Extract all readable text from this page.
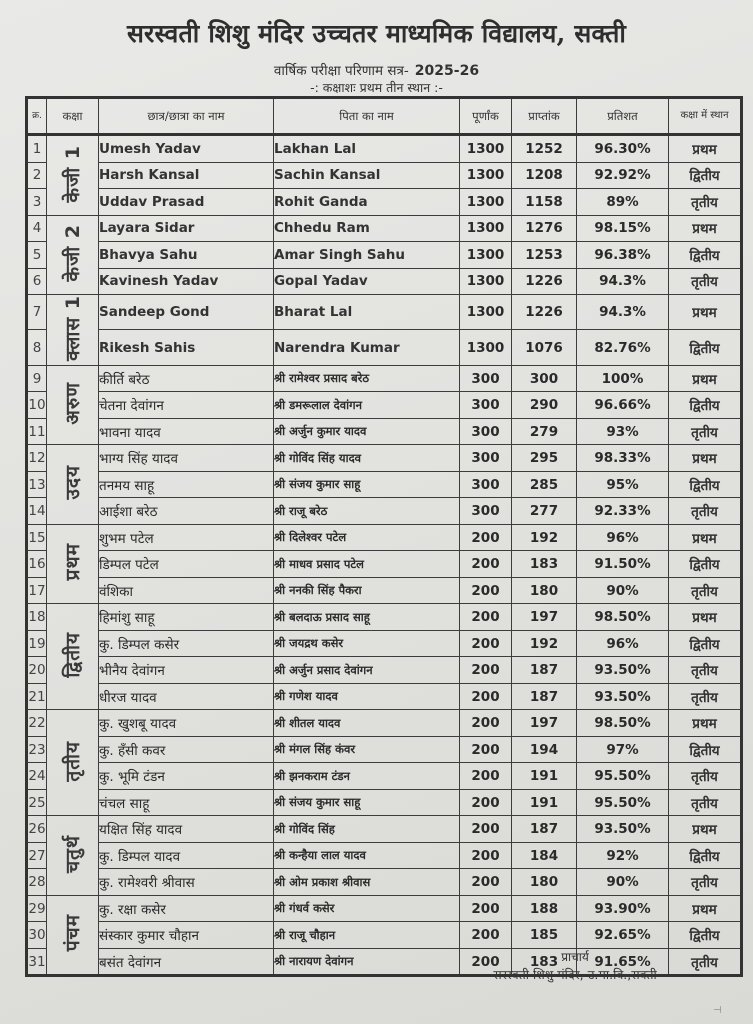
सरस्वती शिशु मंदिर उच्चतर माध्यमिक विद्यालय, सक्ती
वार्षिक परीक्षा परिणाम सत्र- 2025-26
-: कक्षाशः प्रथम तीन स्थान :-
क्र.	कक्षा	छात्र/छात्रा का नाम	पिता का नाम	पूर्णांक	प्राप्तांक	प्रतिशत	कक्षा में स्थान
1	केजी 1	Umesh Yadav	Lakhan Lal	1300	1252	96.30%	प्रथम
2		Harsh Kansal	Sachin Kansal	1300	1208	92.92%	द्वितीय
3		Uddav Prasad	Rohit Ganda	1300	1158	89%	तृतीय
4	केजी 2	Layara Sidar	Chhedu Ram	1300	1276	98.15%	प्रथम
5		Bhavya Sahu	Amar Singh Sahu	1300	1253	96.38%	द्वितीय
6		Kavinesh Yadav	Gopal Yadav	1300	1226	94.3%	तृतीय
7	क्लास 1	Sandeep Gond	Bharat Lal	1300	1226	94.3%	प्रथम
8		Rikesh Sahis	Narendra Kumar	1300	1076	82.76%	द्वितीय
9	अरुण	कीर्ति बरेठ	श्री रामेश्वर प्रसाद बरेठ	300	300	100%	प्रथम
10		चेतना देवांगन	श्री डमरूलाल देवांगन	300	290	96.66%	द्वितीय
11		भावना यादव	श्री अर्जुन कुमार यादव	300	279	93%	तृतीय
12	उदय	भाग्य सिंह यादव	श्री गोविंद सिंह यादव	300	295	98.33%	प्रथम
13		तनमय साहू	श्री संजय कुमार साहू	300	285	95%	द्वितीय
14		आईशा बरेठ	श्री राजू बरेठ	300	277	92.33%	तृतीय
15	प्रथम	शुभम पटेल	श्री दिलेश्वर पटेल	200	192	96%	प्रथम
16		डिम्पल पटेल	श्री माधव प्रसाद पटेल	200	183	91.50%	द्वितीय
17		वंशिका	श्री ननकी सिंह पैकरा	200	180	90%	तृतीय
18	द्वितीय	हिमांशु साहू	श्री बलदाऊ प्रसाद साहू	200	197	98.50%	प्रथम
19		कु. डिम्पल कसेर	श्री जयद्रथ कसेर	200	192	96%	द्वितीय
20		भीनैय देवांगन	श्री अर्जुन प्रसाद देवांगन	200	187	93.50%	तृतीय
21		धीरज यादव	श्री गणेश यादव	200	187	93.50%	तृतीय
22	तृतीय	कु. खुशबू यादव	श्री शीतल यादव	200	197	98.50%	प्रथम
23		कु. हँसी कवर	श्री मंगल सिंह कंवर	200	194	97%	द्वितीय
24		कु. भूमि टंडन	श्री झनकराम टंडन	200	191	95.50%	तृतीय
25		चंचल साहू	श्री संजय कुमार साहू	200	191	95.50%	तृतीय
26	चतुर्थ	यक्षित सिंह यादव	श्री गोविंद सिंह	200	187	93.50%	प्रथम
27		कु. डिम्पल यादव	श्री कन्हैया लाल यादव	200	184	92%	द्वितीय
28		कु. रामेश्वरी श्रीवास	श्री ओम प्रकाश श्रीवास	200	180	90%	तृतीय
29	पंचम	कु. रक्षा कसेर	श्री गंधर्व कसेर	200	188	93.90%	प्रथम
30		संस्कार कुमार चौहान	श्री राजू चौहान	200	185	92.65%	द्वितीय
31		बसंत देवांगन	श्री नारायण देवांगन	200	183	91.65%	तृतीय
प्राचार्य
सरस्वती शिशु मंदिर, उ.मा.वि.,सक्ती
⊣
